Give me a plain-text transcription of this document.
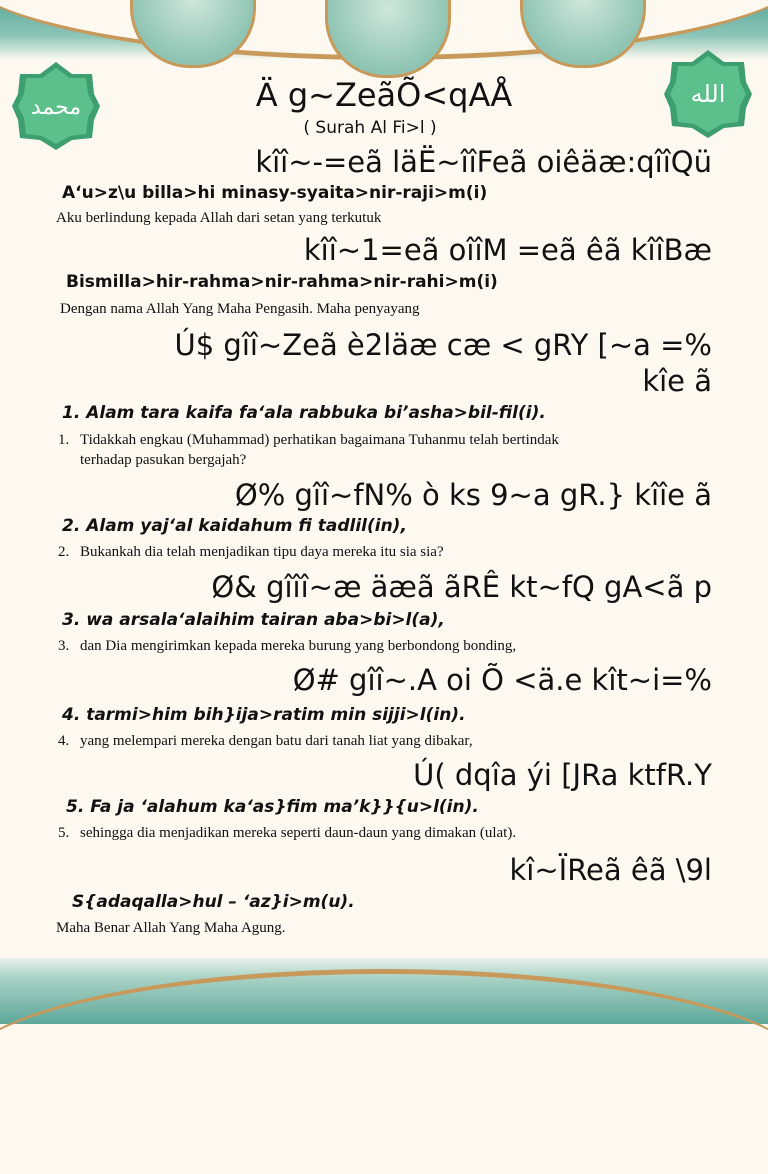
محمد	الله
Ä g~ZeãÕ<qAÅ
( Surah Al Fi>l )
kîî~-=eã läË~îîFeã oiêäæ:qîîQü
A‘u>z\u billa>hi minasy-syaita>nir-raji>m(i)
Aku berlindung kepada Allah dari setan yang terkutuk
kîî~1=eã oîîM =eã êã kîîBæ
Bismilla>hir-rahma>nir-rahma>nir-rahi>m(i)
Dengan nama Allah Yang Maha Pengasih. Maha penyayang
Ú$ gîî~Zeã è2läæ cæ < gRY [~a =%
kîe ã
1. Alam tara kaifa fa‘ala rabbuka bi’asha>bil-fil(i).
1. Tidakkah engkau (Muhammad) perhatikan bagaimana Tuhanmu telah bertindak
terhadap pasukan bergajah?
Ø% gîî~fN% ò ks 9~a gR.} kîîe ã
2. Alam yaj‘al kaidahum fi tadlil(in),
2. Bukankah dia telah menjadikan tipu daya mereka itu sia sia?
Ø& gîîî~æ äæã ãRÊ kt~fQ gA<ã p
3. wa arsala‘alaihim tairan aba>bi>l(a),
3. dan Dia mengirimkan kepada mereka burung yang berbondong bonding,
Ø# gîî~.A oi Õ <ä.e kît~i=%
4. tarmi>him bih}ija>ratim min sijji>l(in).
4. yang melempari mereka dengan batu dari tanah liat yang dibakar,
Ú( dqîa ýi [JRa ktfR.Y
5. Fa ja ‘alahum ka‘as}fim ma’k}}{u>l(in).
5. sehingga dia menjadikan mereka seperti daun-daun yang dimakan (ulat).
kî~ÏReã êã \9l
S{adaqalla>hul – ‘az}i>m(u).
Maha Benar Allah Yang Maha Agung.
